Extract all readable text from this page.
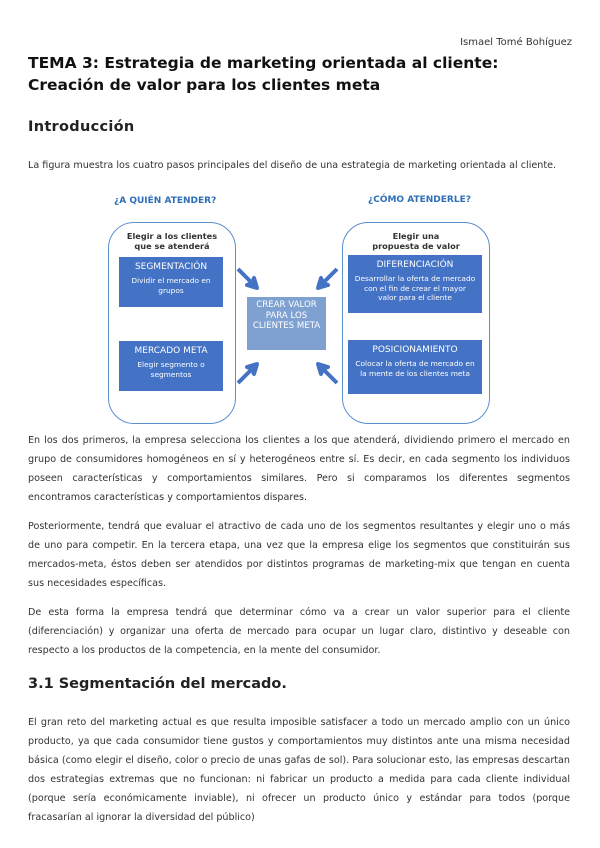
Ismael Tomé Bohíguez
TEMA 3: Estrategia de marketing orientada al cliente: Creación de valor para los clientes meta
Introducción

La figura muestra los cuatro pasos principales del diseño de una estrategia de marketing orientada al cliente.

¿A QUIÉN ATENDER?	¿CÓMO ATENDERLE?
Elegir a los clientes
que se atenderá
SEGMENTACIÓN
Dividir el mercado en grupos
MERCADO META
Elegir segmento o segmentos
Elegir una
propuesta de valor
DIFERENCIACIÓN
Desarrollar la oferta de mercado con el fin de crear el mayor valor para el cliente
POSICIONAMIENTO
Colocar la oferta de mercado en la mente de los clientes meta
CREAR VALOR PARA LOS CLIENTES META

En los dos primeros, la empresa selecciona los clientes a los que atenderá, dividiendo primero el mercado en grupo de consumidores homogéneos en sí y heterogéneos entre sí. Es decir, en cada segmento los individuos poseen características y comportamientos similares. Pero si comparamos los diferentes segmentos encontramos características y comportamientos dispares.

Posteriormente, tendrá que evaluar el atractivo de cada uno de los segmentos resultantes y elegir uno o más de uno para competir. En la tercera etapa, una vez que la empresa elige los segmentos que constituirán sus mercados-meta, éstos deben ser atendidos por distintos programas de marketing-mix que tengan en cuenta sus necesidades específicas.

De esta forma la empresa tendrá que determinar cómo va a crear un valor superior para el cliente (diferenciación) y organizar una oferta de mercado para ocupar un lugar claro, distintivo y deseable con respecto a los productos de la competencia, en la mente del consumidor.

3.1 Segmentación del mercado.

El gran reto del marketing actual es que resulta imposible satisfacer a todo un mercado amplio con un único producto, ya que cada consumidor tiene gustos y comportamientos muy distintos ante una misma necesidad básica (como elegir el diseño, color o precio de unas gafas de sol). Para solucionar esto, las empresas descartan dos estrategias extremas que no funcionan: ni fabricar un producto a medida para cada cliente individual (porque sería económicamente inviable), ni ofrecer un producto único y estándar para todos (porque fracasarían al ignorar la diversidad del público)
